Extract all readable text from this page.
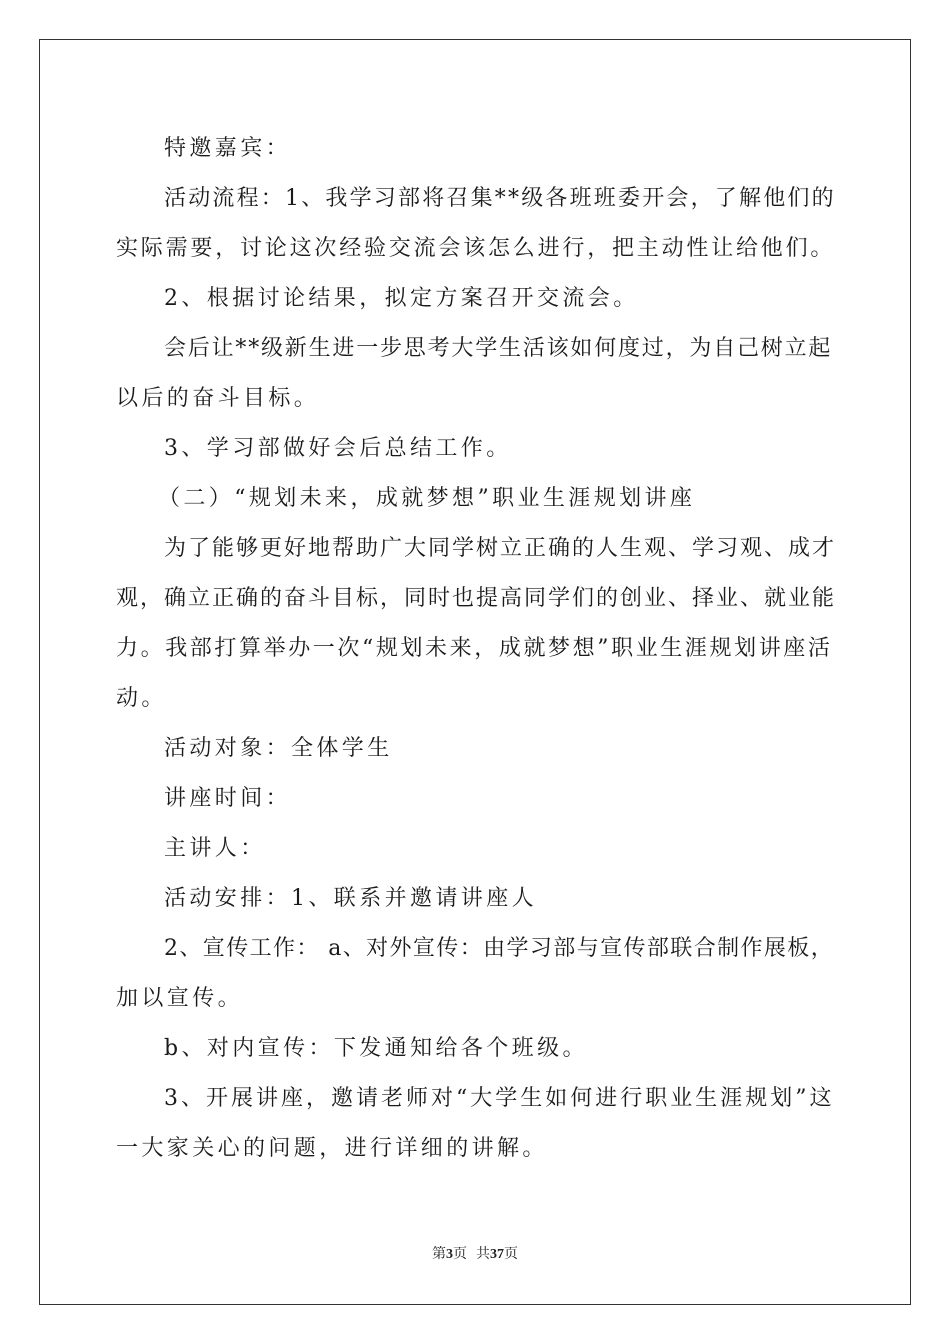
特邀嘉宾：
活动流程：1、我学习部将召集**级各班班委开会，了解他们的
实际需要，讨论这次经验交流会该怎么进行，把主动性让给他们。
2、根据讨论结果，拟定方案召开交流会。
会后让**级新生进一步思考大学生活该如何度过，为自己树立起
以后的奋斗目标。
3、学习部做好会后总结工作。
（二）“规划未来，成就梦想”职业生涯规划讲座
为了能够更好地帮助广大同学树立正确的人生观、学习观、成才
观，确立正确的奋斗目标，同时也提高同学们的创业、择业、就业能
力。我部打算举办一次“规划未来，成就梦想”职业生涯规划讲座活
动。
活动对象：全体学生
讲座时间：
主讲人：
活动安排：1、联系并邀请讲座人
2、宣传工作： a、对外宣传：由学习部与宣传部联合制作展板，
加以宣传。
b、对内宣传：下发通知给各个班级。
3、开展讲座，邀请老师对“大学生如何进行职业生涯规划”这
一大家关心的问题，进行详细的讲解。
第3页  共37页
